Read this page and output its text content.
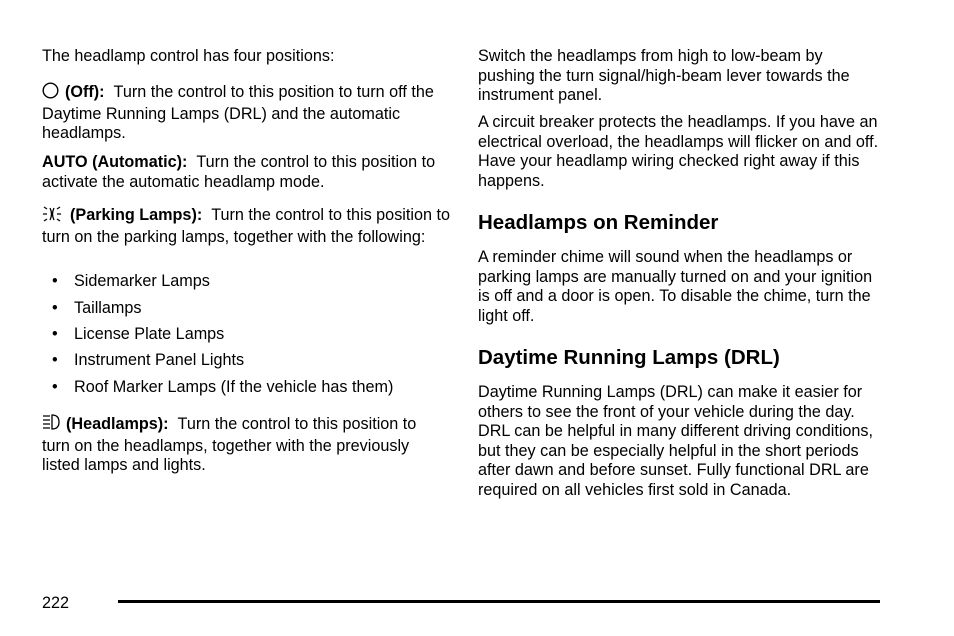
The headlamp control has four positions:

(Off): Turn the control to this position to turn off the Daytime Running Lamps (DRL) and the automatic headlamps.

AUTO (Automatic): Turn the control to this position to activate the automatic headlamp mode.

(Parking Lamps): Turn the control to this position to turn on the parking lamps, together with the following:

• Sidemarker Lamps
• Taillamps
• License Plate Lamps
• Instrument Panel Lights
• Roof Marker Lamps (If the vehicle has them)

(Headlamps): Turn the control to this position to turn on the headlamps, together with the previously listed lamps and lights.

Switch the headlamps from high to low-beam by pushing the turn signal/high-beam lever towards the instrument panel.

A circuit breaker protects the headlamps. If you have an electrical overload, the headlamps will flicker on and off. Have your headlamp wiring checked right away if this happens.

Headlamps on Reminder

A reminder chime will sound when the headlamps or parking lamps are manually turned on and your ignition is off and a door is open. To disable the chime, turn the light off.

Daytime Running Lamps (DRL)

Daytime Running Lamps (DRL) can make it easier for others to see the front of your vehicle during the day. DRL can be helpful in many different driving conditions, but they can be especially helpful in the short periods after dawn and before sunset. Fully functional DRL are required on all vehicles first sold in Canada.

222
